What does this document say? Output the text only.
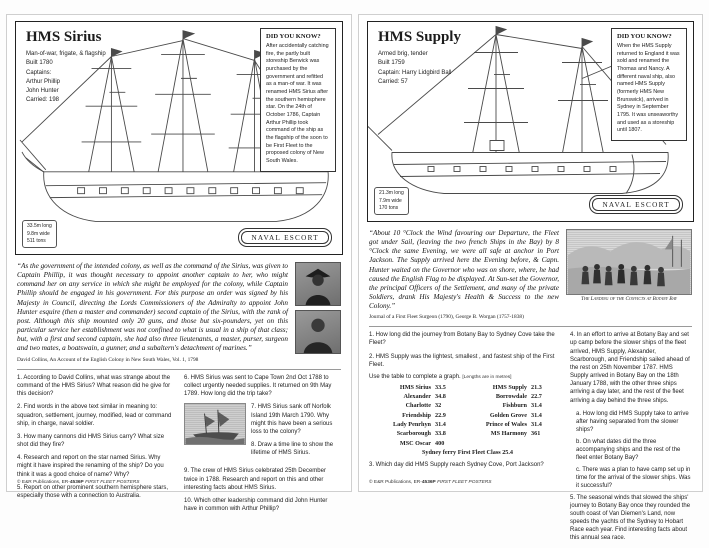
HMS Sirius
Man-of-war, frigate, & flagship
Built 1780
Captains:
Arthur Phillip
John Hunter
Carried: 198
DID YOU KNOW?
After accidentally catching fire, the partly built storeship Berwick was purchased by the government and refitted as a man-of war. It was renamed HMS Sirius after the southern hemisphere star. On the 24th of October 1786, Captain Arthur Phillip took command of the ship as the flagship of the soon to be First Fleet to the proposed colony of New South Wales.
33.5m long
9.8m wide
511 tons	NAVAL ESCORT
“As the government of the intended colony, as well as the command of the Sirius, was given to Captain Phillip, it was thought necessary to appoint another captain to her, who might command her on any service in which she might be employed for the colony, while Captain Phillip should be engaged in his government. For this purpose an order was signed by his Majesty in Council, directing the Lords Commissioners of the Admiralty to appoint John Hunter esquire (then a master and commander) second captain of the Sirius, with the rank of post. Although this ship mounted only 20 guns, and those but six-pounders, yet on this particular service her establishment was not confined to what is usual in a ship of that class; but, with a first and second captain, she had also three lieutenants, a master, purser, surgeon and two mates, a boatswain, a gunner, and a subaltern's detachment of marines.”
David Collins, An Account of the English Colony in New South Wales, Vol. 1, 1798
1. According to David Collins, what was strange about the command of the HMS Sirius? What reason did he give for this decision?
2. Find words in the above text similar in meaning to: squadron, settlement, journey, modified, lead or command ship, in charge, naval soldier.
3. How many cannons did HMS Sirius carry? What size shot did they fire?
4. Research and report on the star named Sirius. Why might it have inspired the renaming of the ship? Do you think it was a good choice of name? Why?
5. Report on other prominent southern hemisphere stars, especially those with a connection to Australia.
6. HMS Sirius was sent to Cape Town 2nd Oct 1788 to collect urgently needed supplies. It returned on 9th May 1789. How long did the trip take?
7. HMS Sirius sank off Norfolk Island 19th March 1790. Why might this have been a serious loss to the colony?
8. Draw a time line to show the lifetime of HMS Sirius.
9. The crew of HMS Sirius celebrated 25th December twice in 1788. Research and report on this and other interesting facts about HMS Sirius.
10. Which other leadership command did John Hunter have in common with Arthur Phillip?
© E&R Publications, ER-4536P FIRST FLEET POSTERS
HMS Supply
Armed brig, tender
Built 1759
Captain: Harry Lidgbird Ball
Carried: 57
DID YOU KNOW?
When the HMS Supply returned to England it was sold and renamed the Thomas and Nancy. A different naval ship, also named HMS Supply (formerly HMS New Brunswick), arrived in Sydney in September 1795. It was unseaworthy and used as a storeship until 1807.
21.3m long
7.9m wide
170 tons	NAVAL ESCORT
“About 10 °Clock the Wind favouring our Departure, the Fleet got under Sail, (leaving the two french Ships in the Bay) by 8 °Clock the same Evening, we were all safe at anchor in Port Jackson. The Supply arrived here the Evening before, & Capn. Hunter waited on the Governor who was on shore, where, he had caused the English Flag to be displayed. At Sun-set the Governor, the principal Officers of the Settlement, and many of the private Soldiers, drank His Majesty's Health & Success to the new Colony.”
The Landing of the Convicts at Botany Bay
Journal of a First Fleet Surgeon (1790), George B. Worgan (1757-1838)
1. How long did the journey from Botany Bay to Sydney Cove take the Fleet?
2. HMS Supply was the lightest, smallest , and fastest ship of the First Fleet.
Use the table to complete a graph. [Lengths are in metres]
HMS Sirius 33.5	HMS Supply 21.3
Alexander 34.8	Borrowdale 22.7
Charlotte 32	Fishburn 31.4
Friendship 22.9	Golden Grove 31.4
Lady Penrhyn 31.4	Prince of Wales 31.4
Scarborough 33.8	MS Harmony 361
MSC Oscar 400
Sydney ferry First Fleet Class 25.4
3. Which day did HMS Supply reach Sydney Cove, Port Jackson?
4. In an effort to arrive at Botany Bay and set up camp before the slower ships of the fleet arrived, HMS Supply, Alexander, Scarborough, and Friendship sailed ahead of the rest on 25th November 1787. HMS Supply arrived in Botany Bay on the 18th January 1788, with the other three ships arriving a day later, and the rest of the fleet arriving a day behind the three ships.
a. How long did HMS Supply take to arrive after having separated from the slower ships?
b. On what dates did the three accompanying ships and the rest of the fleet enter Botany Bay?
c. There was a plan to have camp set up in time for the arrival of the slower ships. Was it successful?
5. The seasonal winds that slowed the ships' journey to Botany Bay once they rounded the south coast of Van Diemen's Land, now speeds the yachts of the Sydney to Hobart Race each year. Find interesting facts about this annual sea race.
© E&R Publications, ER-4536P FIRST FLEET POSTERS
